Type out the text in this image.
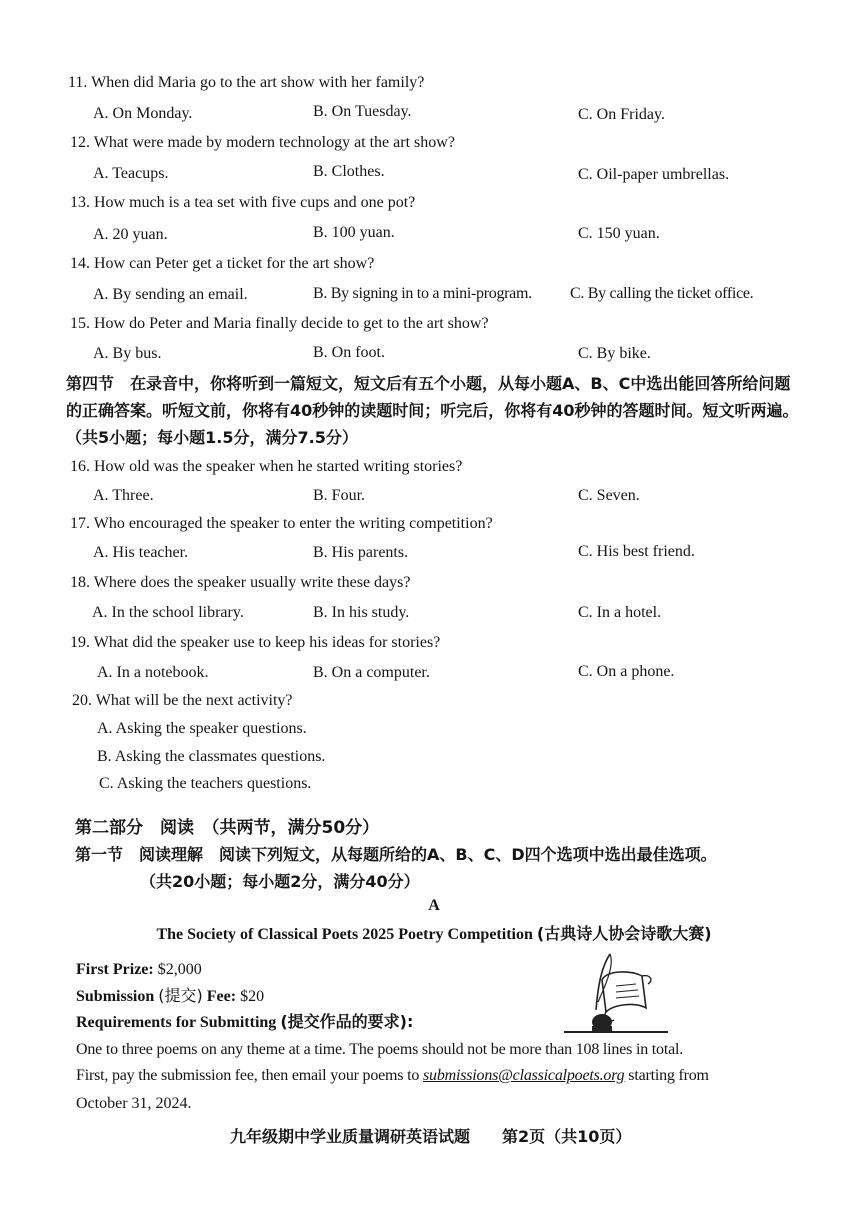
11. When did Maria go to the art show with her family?
A. On Monday.	B. On Tuesday.	C. On Friday.
12. What were made by modern technology at the art show?
A. Teacups.	B. Clothes.	C. Oil-paper umbrellas.
13. How much is a tea set with five cups and one pot?
A. 20 yuan.	B. 100 yuan.	C. 150 yuan.
14. How can Peter get a ticket for the art show?
A. By sending an email.	B. By signing in to a mini-program. C. By calling the ticket office.
15. How do Peter and Maria finally decide to get to the art show?
A. By bus.	B. On foot.	C. By bike.
第四节　在录音中，你将听到一篇短文，短文后有五个小题，从每小题A、B、C中选出能回答所给问题的正确答案。听短文前，你将有40秒钟的读题时间；听完后，你将有40秒钟的答题时间。短文听两遍。（共5小题；每小题1.5分，满分7.5分）
16. How old was the speaker when he started writing stories?
A. Three.	B. Four.	C. Seven.
17. Who encouraged the speaker to enter the writing competition?
A. His teacher.	B. His parents.	C. His best friend.
18. Where does the speaker usually write these days?
A. In the school library.	B. In his study.	C. In a hotel.
19. What did the speaker use to keep his ideas for stories?
A. In a notebook.	B. On a computer.	C. On a phone.
20. What will be the next activity?
A. Asking the speaker questions.
B. Asking the classmates questions.
C. Asking the teachers questions.
第二部分　阅读　（共两节，满分50分）
第一节　阅读理解　阅读下列短文，从每题所给的A、B、C、D四个选项中选出最佳选项。
（共20小题；每小题2分，满分40分）
A
The Society of Classical Poets 2025 Poetry Competition (古典诗人协会诗歌大赛)
First Prize: $2,000
Submission (提交) Fee: $20
Requirements for Submitting (提交作品的要求):
One to three poems on any theme at a time. The poems should not be more than 108 lines in total.
First, pay the submission fee, then email your poems to submissions@classicalpoets.org starting from
October 31, 2024.
九年级期中学业质量调研英语试题　　第2页（共10页）
